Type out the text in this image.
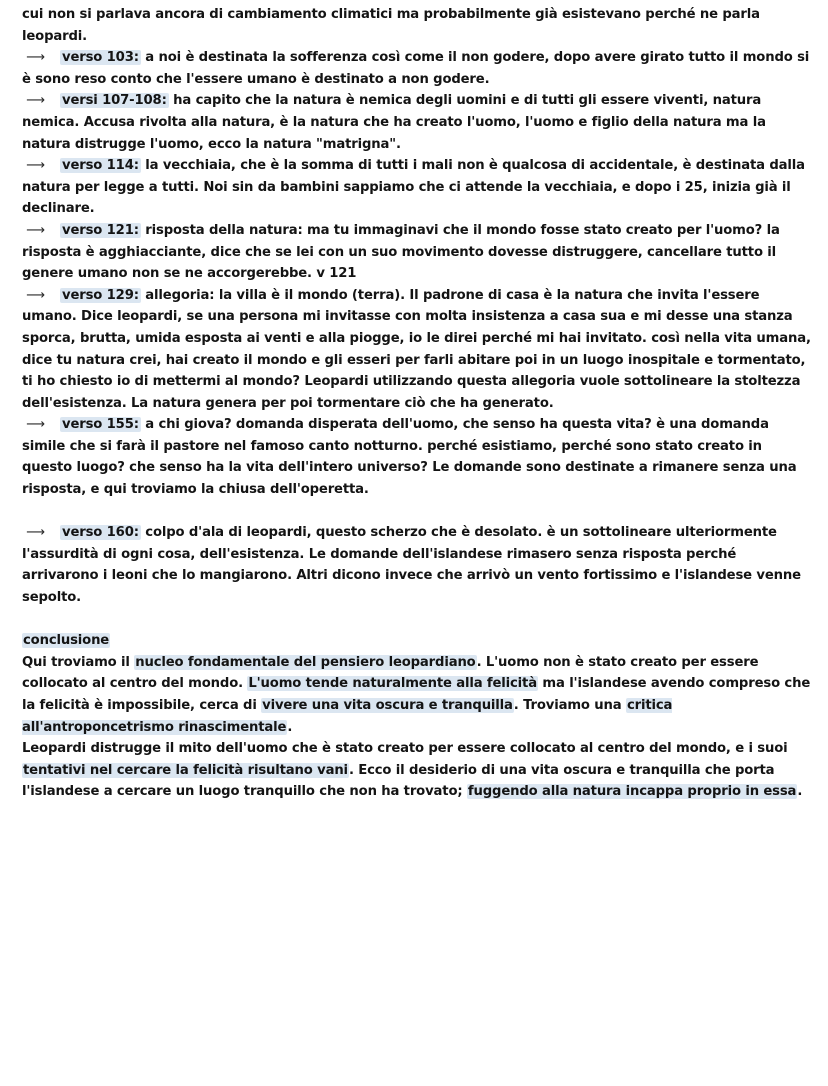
cui non si parlava ancora di cambiamento climatici ma probabilmente già esistevano perché ne parla leopardi.

⟶ verso 103: a noi è destinata la sofferenza così come il non godere, dopo avere girato tutto il mondo si è sono reso conto che l'essere umano è destinato a non godere.

⟶ versi 107-108: ha capito che la natura è nemica degli uomini e di tutti gli essere viventi, natura nemica. Accusa rivolta alla natura, è la natura che ha creato l'uomo, l'uomo e figlio della natura ma la natura distrugge l'uomo, ecco la natura "matrigna".

⟶ verso 114: la vecchiaia, che è la somma di tutti i mali non è qualcosa di accidentale, è destinata dalla natura per legge a tutti. Noi sin da bambini sappiamo che ci attende la vecchiaia, e dopo i 25, inizia già il declinare.

⟶ verso 121: risposta della natura: ma tu immaginavi che il mondo fosse stato creato per l'uomo? la risposta è agghiacciante, dice che se lei con un suo movimento dovesse distruggere, cancellare tutto il genere umano non se ne accorgerebbe. v 121

⟶ verso 129: allegoria: la villa è il mondo (terra). Il padrone di casa è la natura che invita l'essere umano. Dice leopardi, se una persona mi invitasse con molta insistenza a casa sua e mi desse una stanza sporca, brutta, umida esposta ai venti e alla piogge, io le direi perché mi hai invitato. così nella vita umana, dice tu natura crei, hai creato il mondo e gli esseri per farli abitare poi in un luogo inospitale e tormentato, ti ho chiesto io di mettermi al mondo? Leopardi utilizzando questa allegoria vuole sottolineare la stoltezza dell'esistenza. La natura genera per poi tormentare ciò che ha generato.

⟶ verso 155: a chi giova? domanda disperata dell'uomo, che senso ha questa vita? è una domanda simile che si farà il pastore nel famoso canto notturno. perché esistiamo, perché sono stato creato in questo luogo? che senso ha la vita dell'intero universo? Le domande sono destinate a rimanere senza una risposta, e qui troviamo la chiusa dell'operetta.

⟶ verso 160: colpo d'ala di leopardi, questo scherzo che è desolato. è un sottolineare ulteriormente l'assurdità di ogni cosa, dell'esistenza. Le domande dell'islandese rimasero senza risposta perché arrivarono i leoni che lo mangiarono. Altri dicono invece che arrivò un vento fortissimo e l'islandese venne sepolto.

conclusione

Qui troviamo il nucleo fondamentale del pensiero leopardiano. L'uomo non è stato creato per essere collocato al centro del mondo. L'uomo tende naturalmente alla felicità ma l'islandese avendo compreso che la felicità è impossibile, cerca di vivere una vita oscura e tranquilla. Troviamo una critica all'antroponcetrismo rinascimentale.

Leopardi distrugge il mito dell'uomo che è stato creato per essere collocato al centro del mondo, e i suoi tentativi nel cercare la felicità risultano vani. Ecco il desiderio di una vita oscura e tranquilla che porta l'islandese a cercare un luogo tranquillo che non ha trovato; fuggendo alla natura incappa proprio in essa.
